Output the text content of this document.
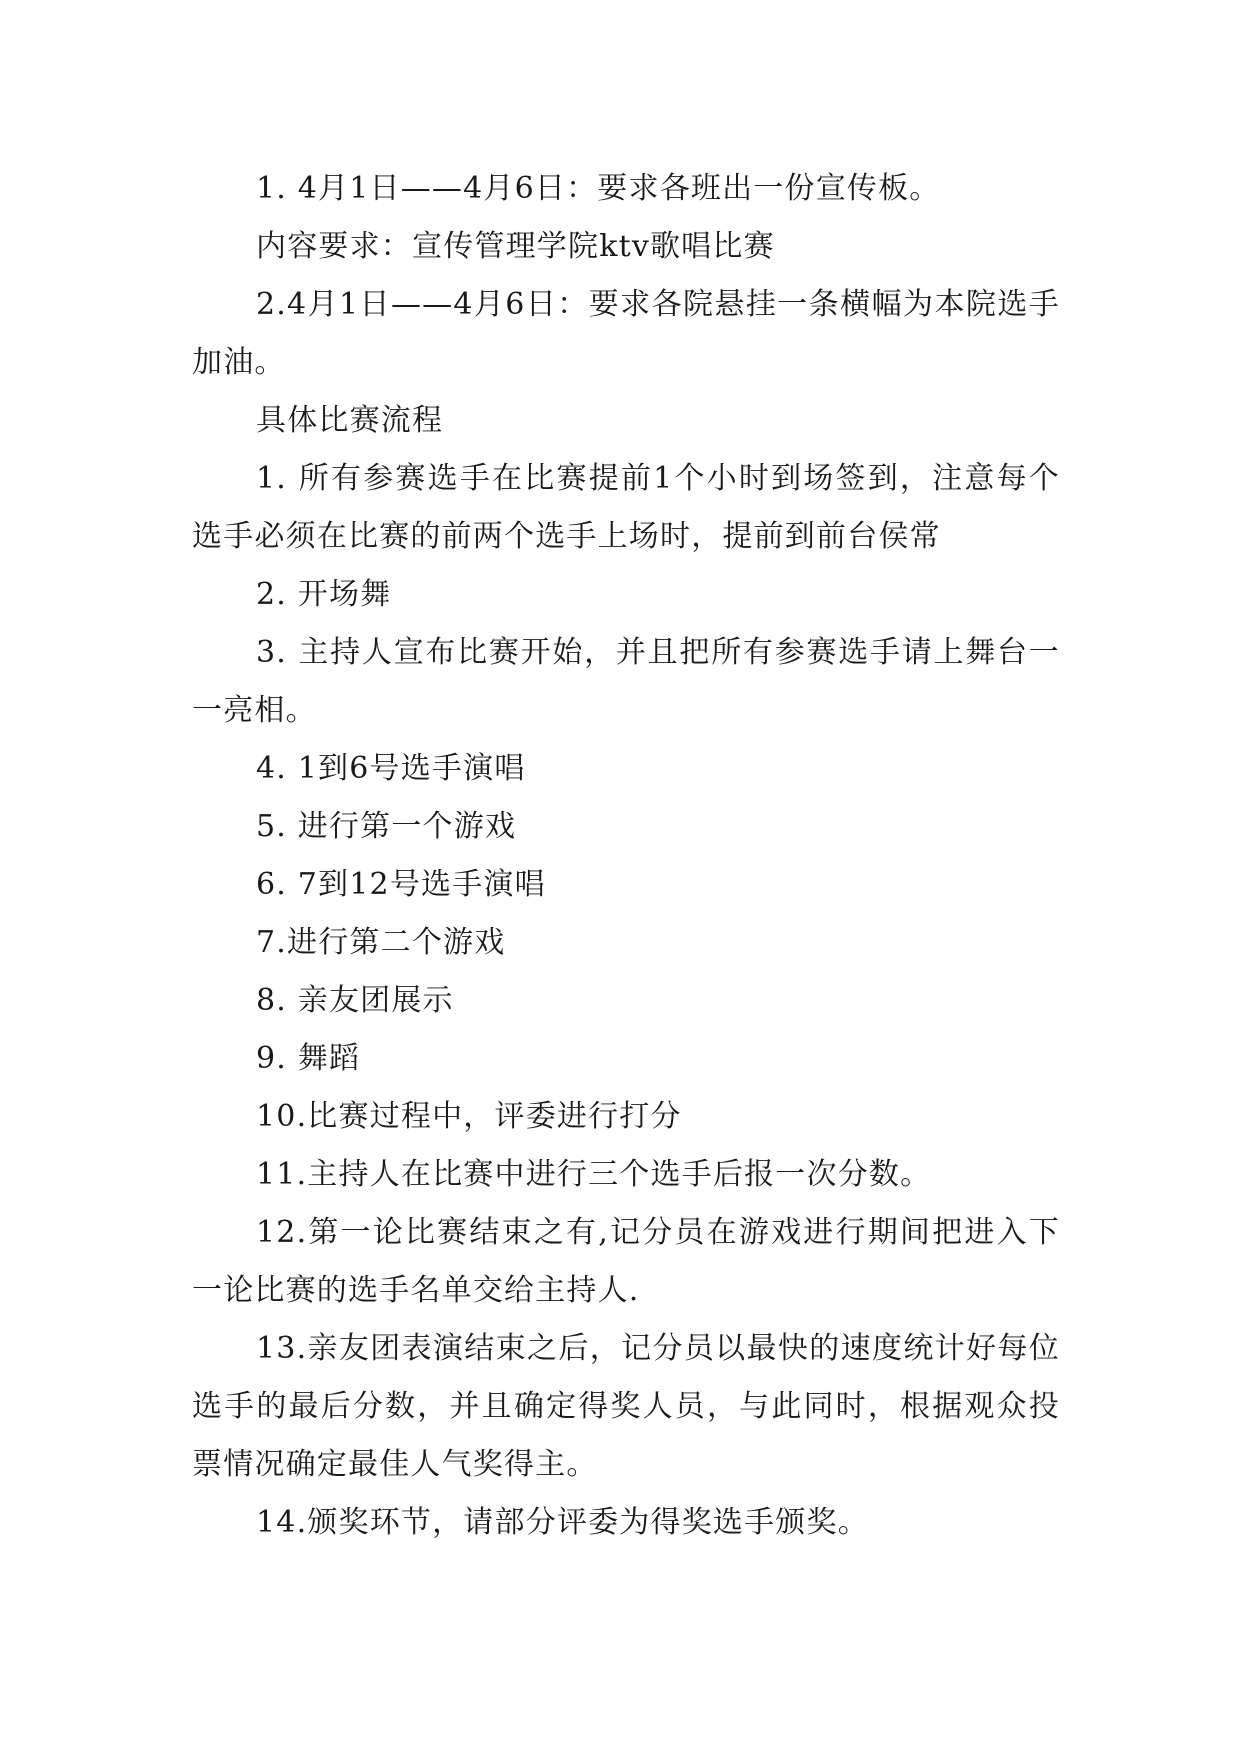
1. 4月1日——4月6日：要求各班出一份宣传板。

内容要求：宣传管理学院ktv歌唱比赛

2.4月1日——4月6日：要求各院悬挂一条横幅为本院选手加油。

具体比赛流程

1. 所有参赛选手在比赛提前1个小时到场签到，注意每个选手必须在比赛的前两个选手上场时，提前到前台侯常

2. 开场舞

3. 主持人宣布比赛开始，并且把所有参赛选手请上舞台一一亮相。

4. 1到6号选手演唱

5. 进行第一个游戏

6. 7到12号选手演唱

7.进行第二个游戏

8. 亲友团展示

9. 舞蹈

10.比赛过程中，评委进行打分

11.主持人在比赛中进行三个选手后报一次分数。

12.第一论比赛结束之有,记分员在游戏进行期间把进入下一论比赛的选手名单交给主持人.

13.亲友团表演结束之后，记分员以最快的速度统计好每位选手的最后分数，并且确定得奖人员，与此同时，根据观众投票情况确定最佳人气奖得主。

14.颁奖环节，请部分评委为得奖选手颁奖。
